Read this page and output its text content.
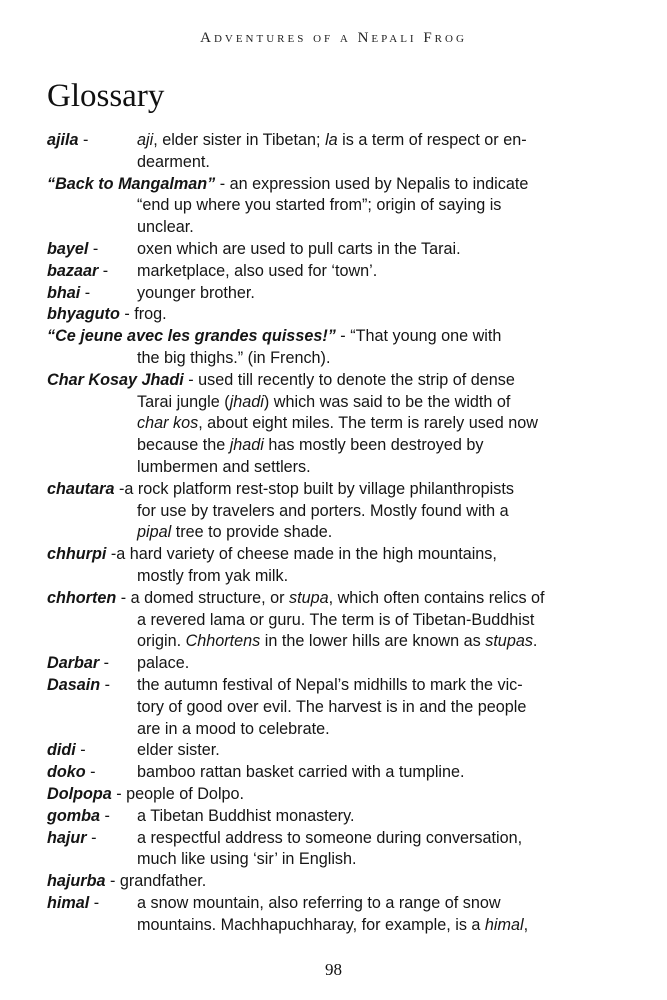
Adventures of a Nepali Frog
Glossary
ajila -	aji, elder sister in Tibetan; la is a term of respect or en-
dearment.
“Back to Mangalman” - an expression used by Nepalis to indicate
“end up where you started from”; origin of saying is
unclear.
bayel - oxen which are used to pull carts in the Tarai.
bazaar - marketplace, also used for ‘town’.
bhai -	younger brother.
bhyaguto - frog.
“Ce jeune avec les grandes quisses!” - “That young one with
the big thighs.” (in French).
Char Kosay Jhadi - used till recently to denote the strip of dense
Tarai jungle (jhadi) which was said to be the width of
char kos, about eight miles. The term is rarely used now
because the jhadi has mostly been destroyed by
lumbermen and settlers.
chautara -a rock platform rest-stop built by village philanthropists
for use by travelers and porters. Mostly found with a
pipal tree to provide shade.
chhurpi -a hard variety of cheese made in the high mountains,
mostly from yak milk.
chhorten - a domed structure, or stupa, which often contains relics of
a revered lama or guru. The term is of Tibetan-Buddhist
origin. Chhortens in the lower hills are known as stupas.
Darbar - palace.
Dasain - the autumn festival of Nepal’s midhills to mark the vic-
tory of good over evil. The harvest is in and the people
are in a mood to celebrate.
didi -	elder sister.
doko -	bamboo rattan basket carried with a tumpline.
Dolpopa - people of Dolpo.
gomba - a Tibetan Buddhist monastery.
hajur -	a respectful address to someone during conversation,
much like using ‘sir’ in English.
hajurba - grandfather.
himal - a snow mountain, also referring to a range of snow
mountains. Machhapuchharay, for example, is a himal,
98
